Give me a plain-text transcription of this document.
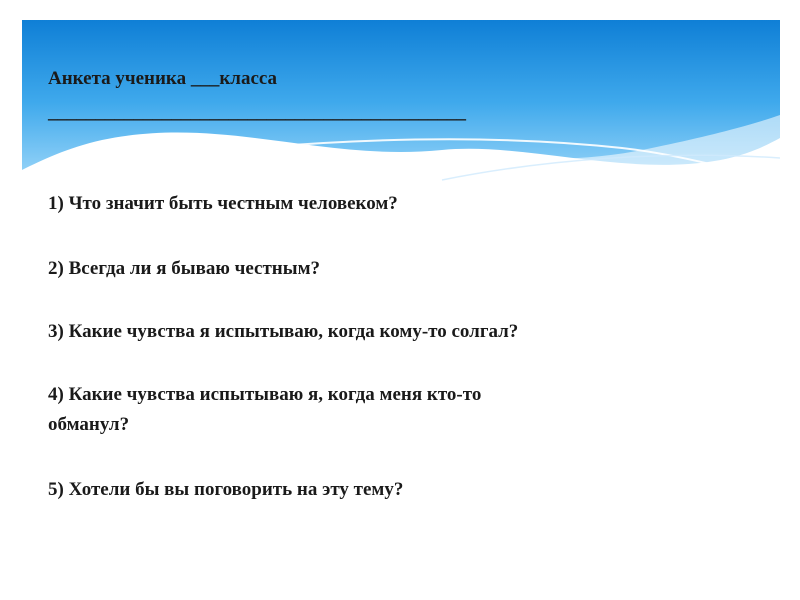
Анкета ученика ___класса
____________________________________________
1) Что значит быть честным человеком?
2) Всегда ли я бываю честным?
3) Какие чувства я испытываю, когда кому-то солгал?
4) Какие чувства испытываю я, когда меня кто-то
обманул?
5) Хотели бы вы поговорить на эту тему?
